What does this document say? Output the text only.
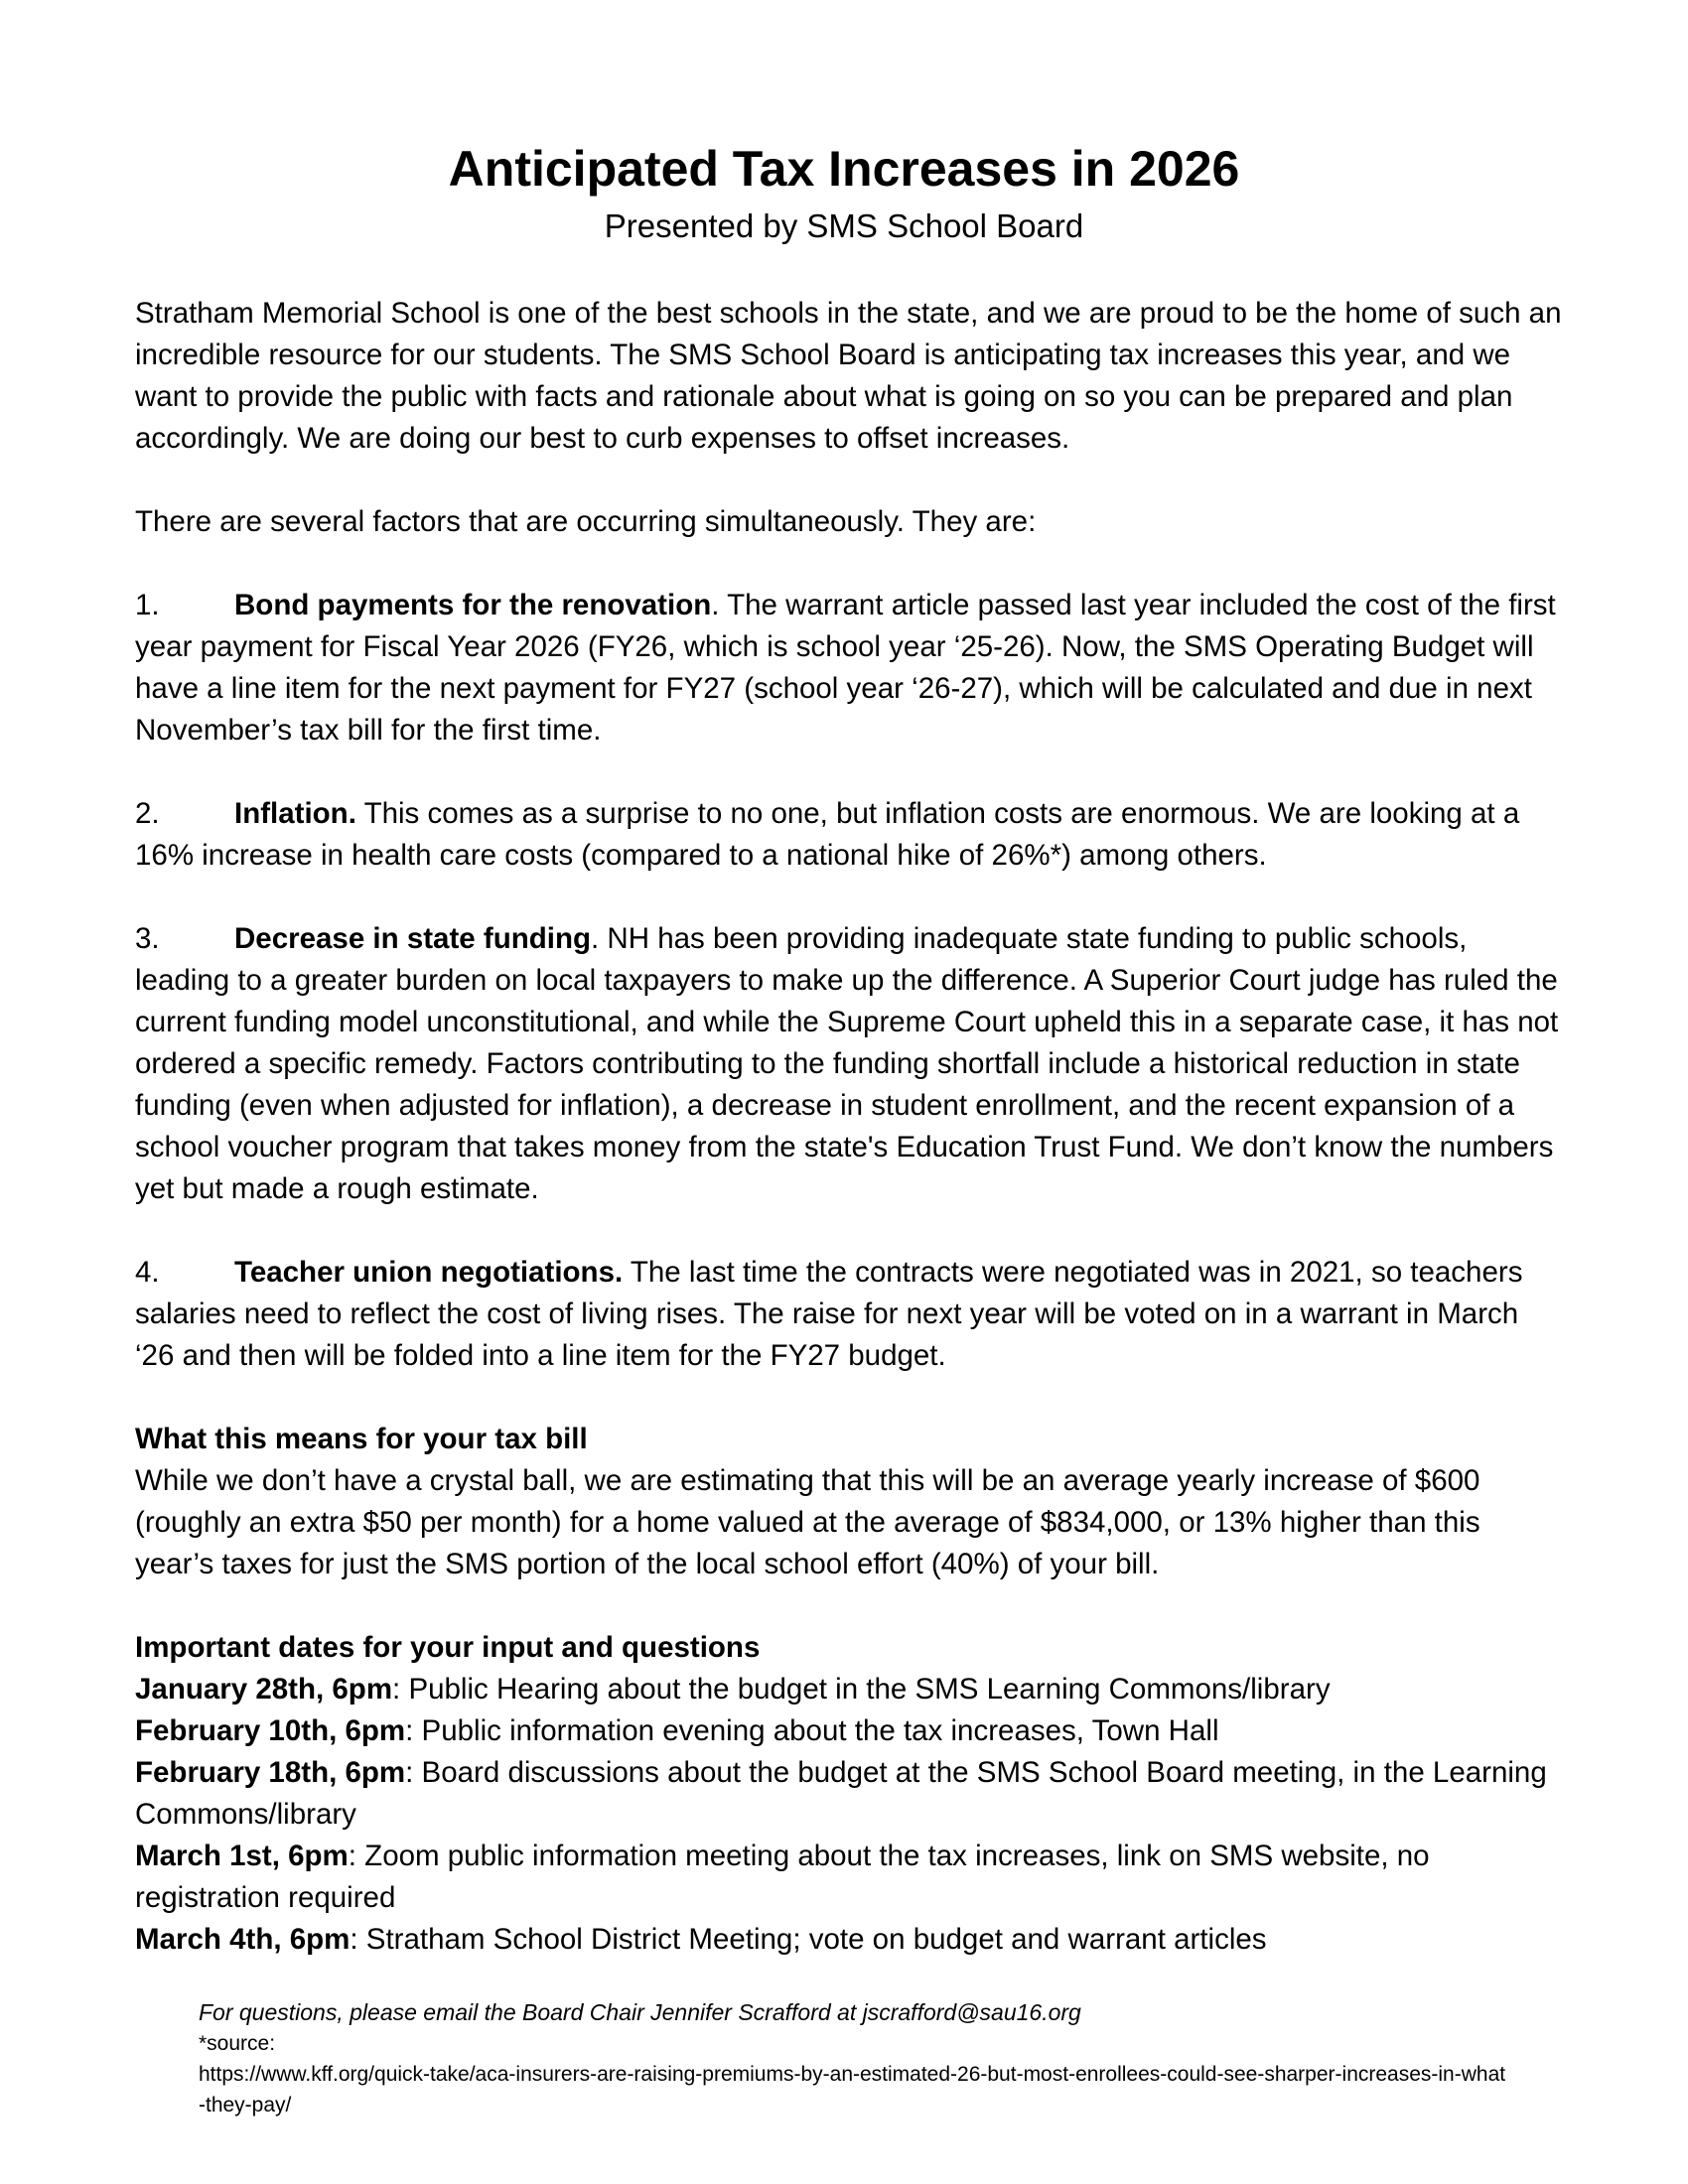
Anticipated Tax Increases in 2026
Presented by SMS School Board

Stratham Memorial School is one of the best schools in the state, and we are proud to be the home of such an incredible resource for our students. The SMS School Board is anticipating tax increases this year, and we want to provide the public with facts and rationale about what is going on so you can be prepared and plan accordingly. We are doing our best to curb expenses to offset increases.

There are several factors that are occurring simultaneously. They are:

1.	Bond payments for the renovation. The warrant article passed last year included the cost of the first year payment for Fiscal Year 2026 (FY26, which is school year ‘25-26). Now, the SMS Operating Budget will have a line item for the next payment for FY27 (school year ‘26-27), which will be calculated and due in next November’s tax bill for the first time.

2.	Inflation. This comes as a surprise to no one, but inflation costs are enormous. We are looking at a 16% increase in health care costs (compared to a national hike of 26%*) among others.

3.	Decrease in state funding. NH has been providing inadequate state funding to public schools, leading to a greater burden on local taxpayers to make up the difference. A Superior Court judge has ruled the current funding model unconstitutional, and while the Supreme Court upheld this in a separate case, it has not ordered a specific remedy. Factors contributing to the funding shortfall include a historical reduction in state funding (even when adjusted for inflation), a decrease in student enrollment, and the recent expansion of a school voucher program that takes money from the state's Education Trust Fund. We don’t know the numbers yet but made a rough estimate.

4.	Teacher union negotiations. The last time the contracts were negotiated was in 2021, so teachers salaries need to reflect the cost of living rises. The raise for next year will be voted on in a warrant in March ‘26 and then will be folded into a line item for the FY27 budget.

What this means for your tax bill
While we don’t have a crystal ball, we are estimating that this will be an average yearly increase of $600 (roughly an extra $50 per month) for a home valued at the average of $834,000, or 13% higher than this year’s taxes for just the SMS portion of the local school effort (40%) of your bill.

Important dates for your input and questions

January 28th, 6pm: Public Hearing about the budget in the SMS Learning Commons/library

February 10th, 6pm: Public information evening about the tax increases, Town Hall

February 18th, 6pm: Board discussions about the budget at the SMS School Board meeting, in the Learning Commons/library

March 1st, 6pm: Zoom public information meeting about the tax increases, link on SMS website, no registration required

March 4th, 6pm: Stratham School District Meeting; vote on budget and warrant articles

For questions, please email the Board Chair Jennifer Scrafford at jscrafford@sau16.org
*source:
https://www.kff.org/quick-take/aca-insurers-are-raising-premiums-by-an-estimated-26-but-most-enrollees-could-see-sharper-increases-in-what-they-pay/
